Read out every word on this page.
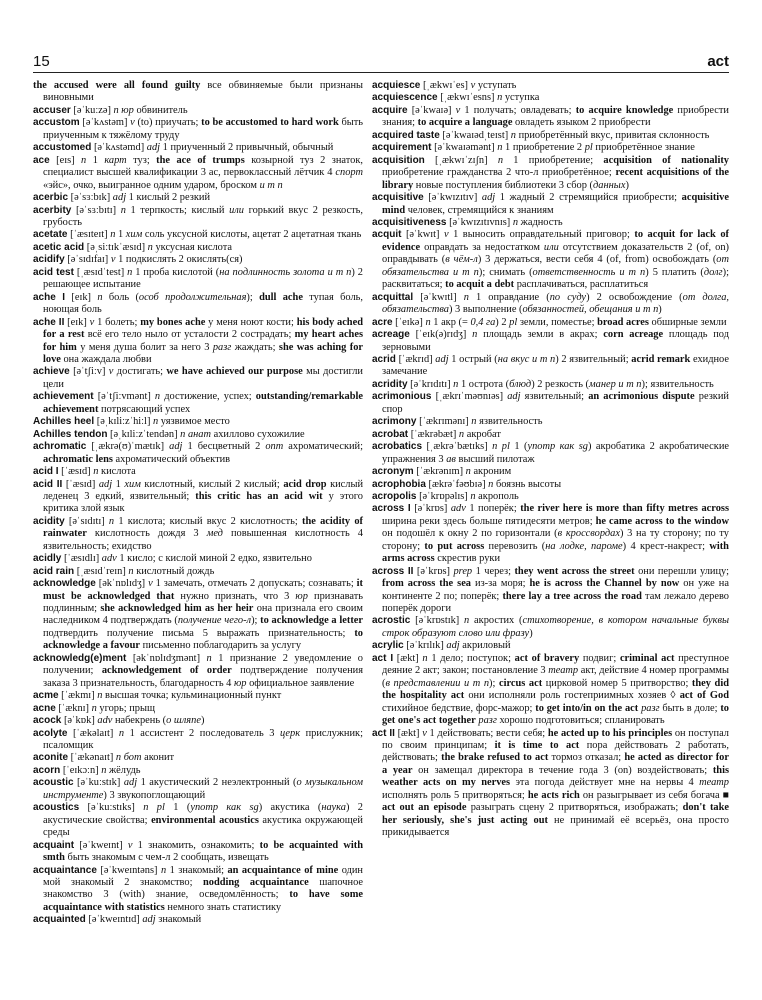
15	act

the accused were all found guilty все обвиняемые были признаны виновными

accuser [əˈkuːzə] n юр обвинитель

accustom [əˈkʌstəm] v (to) приучать; to be accustomed to hard work быть приученным к тяжёлому труду

accustomed [əˈkʌstəmd] adj 1 приученный 2 привычный, обычный

ace [eɪs] n 1 карт туз; the ace of trumps козырной туз 2 знаток, специалист высшей квалификации 3 ас, первоклассный лётчик 4 спорт «эйс», очко, выигранное одним ударом, броском и т п

acerbic [əˈsɜːbɪk] adj 1 кислый 2 резкий

acerbity [əˈsɜːbɪtɪ] n 1 терпкость; кислый или горький вкус 2 резкость, грубость

acetate [ˈæsɪteɪt] n 1 хим соль уксусной кислоты, ацетат 2 ацетатная ткань

acetic acid [əˌsiːtɪkˈæsɪd] n уксусная кислота

acidify [əˈsɪdɪfaɪ] v 1 подкислять 2 окислять(ся)

acid test [ˌæsɪdˈtest] n 1 проба кислотой (на подлинность золота и т п) 2 решающее испытание

ache I [eɪk] n боль (особ продолжительная); dull ache тупая боль, ноющая боль

ache II [eɪk] v 1 болеть; my bones ache у меня ноют кости; his body ached for a rest всё его тело ныло от усталости 2 сострадать; my heart aches for him у меня душа болит за него 3 разг жаждать; she was aching for love она жаждала любви

achieve [əˈtʃiːv] v достигать; we have achieved our purpose мы достигли цели

achievement [əˈtʃiːvmənt] n достижение, успех; outstanding/remarkable achievement потрясающий успех

Achilles heel [əˌkɪliːzˈhiːl] n уязвимое место

Achilles tendon [əˌkɪliːzˈtendən] n анат ахиллово сухожилие

achromatic [ˌækrə(ʊ)ˈmætɪk] adj 1 бесцветный 2 опт ахроматический; achromatic lens ахроматический объектив

acid I [ˈæsɪd] n кислота

acid II [ˈæsɪd] adj 1 хим кислотный, кислый 2 кислый; acid drop кислый леденец 3 едкий, язвительный; this critic has an acid wit у этого критика злой язык

acidity [əˈsɪdɪtɪ] n 1 кислота; кислый вкус 2 кислотность; the acidity of rainwater кислотность дождя 3 мед повышенная кислотность 4 язвительность; ехидство

acidly [ˈæsɪdlɪ] adv 1 кисло; с кислой миной 2 едко, язвительно

acid rain [ˌæsɪdˈreɪn] n кислотный дождь

acknowledge [əkˈnɒlɪdʒ] v 1 замечать, отмечать 2 допускать; сознавать; it must be acknowledged that нужно признать, что 3 юр признавать подлинным; she acknowledged him as her heir она признала его своим наследником 4 подтверждать (получение чего-л); to acknowledge a letter подтвердить получение письма 5 выражать признательность; to acknowledge a favour письменно поблагодарить за услугу

acknowledg(e)ment [əkˈnɒlɪdʒmənt] n 1 признание 2 уведомление о получении; acknowledgement of order подтверждение получения заказа 3 признательность, благодарность 4 юр официальное заявление

acme [ˈækmɪ] n высшая точка; кульминационный пункт

acne [ˈæknɪ] n угорь; прыщ

acock [əˈkɒk] adv набекрень (о шляпе)

acolyte [ˈækəlaɪt] n 1 ассистент 2 последователь 3 церк прислужник; псаломщик

aconite [ˈækənaɪt] n бот аконит

acorn [ˈeɪkɔːn] n жёлудь

acoustic [əˈkuːstɪk] adj 1 акустический 2 неэлектронный (о музыкальном инструменте) 3 звукопоглощающий

acoustics [əˈkuːstɪks] n pl 1 (употр как sg) акустика (наука) 2 акустические свойства; environmental acoustics акустика окружающей среды

acquaint [əˈkweɪnt] v 1 знакомить, ознакомить; to be acquainted with smth быть знакомым с чем-л 2 сообщать, извещать

acquaintance [əˈkweɪntəns] n 1 знакомый; an acquaintance of mine один мой знакомый 2 знакомство; nodding acquaintance шапочное знакомство 3 (with) знание, осведомлённость; to have some acquaintance with statistics немного знать статистику

acquainted [əˈkweɪntɪd] adj знакомый

acquiesce [ˌækwɪˈes] v уступать

acquiescence [ˌækwɪˈesns] n уступка

acquire [əˈkwaɪə] v 1 получать; овладевать; to acquire knowledge приобрести знания; to acquire a language овладеть языком 2 приобрести

acquired taste [əˈkwaɪədˌteɪst] n приобретённый вкус, привитая склонность

acquirement [əˈkwaɪəmənt] n 1 приобретение 2 pl приобретённое знание

acquisition [ˌækwɪˈzɪʃn] n 1 приобретение; acquisition of nationality приобретение гражданства 2 что-л приобретённое; recent acquisitions of the library новые поступления библиотеки 3 сбор (данных)

acquisitive [əˈkwɪzɪtɪv] adj 1 жадный 2 стремящийся приобрести; acquisitive mind человек, стремящийся к знаниям

acquisitiveness [əˈkwɪzɪtɪvnɪs] n жадность

acquit [əˈkwɪt] v 1 выносить оправдательный приговор; to acquit for lack of evidence оправдать за недостатком или отсутствием доказательств 2 (of, on) оправдывать (в чём-л) 3 держаться, вести себя 4 (of, from) освобождать (от обязательства и т п); снимать (ответственность и т п) 5 платить (долг); расквитаться; to acquit a debt расплачиваться, расплатиться

acquittal [əˈkwɪtl] n 1 оправдание (по суду) 2 освобождение (от долга, обязательства) 3 выполнение (обязанностей, обещания и т п)

acre [ˈeɪkə] n 1 акр (= 0,4 га) 2 pl земли, поместье; broad acres обширные земли

acreage [ˈeɪk(ə)rɪdʒ] n площадь земли в акрах; corn acreage площадь под зерновыми

acrid [ˈækrɪd] adj 1 острый (на вкус и т п) 2 язвительный; acrid remark ехидное замечание

acridity [əˈkrɪdɪtɪ] n 1 острота (блюд) 2 резкость (манер и т п); язвительность

acrimonious [ˌækrɪˈməʊnɪəs] adj язвительный; an acrimonious dispute резкий спор

acrimony [ˈækrɪmənɪ] n язвительность

acrobat [ˈækrəbæt] n акробат

acrobatics [ˌækrəˈbætɪks] n pl 1 (употр как sg) акробатика 2 акробатические упражнения 3 ав высший пилотаж

acronym [ˈækrənɪm] n акроним

acrophobia [ækrəˈfəʊbɪə] n боязнь высоты

acropolis [əˈkrɒpəlɪs] n акрополь

across I [əˈkrɒs] adv 1 поперёк; the river here is more than fifty metres across ширина реки здесь больше пятидесяти метров; he came across to the window он подошёл к окну 2 по горизонтали (в кроссвордах) 3 на ту сторону; по ту сторону; to put across перевозить (на лодке, пароме) 4 крест-накрест; with arms across скрестив руки

across II [əˈkrɒs] prep 1 через; they went across the street они перешли улицу; from across the sea из-за моря; he is across the Channel by now он уже на континенте 2 по; поперёк; there lay a tree across the road там лежало дерево поперёк дороги

acrostic [əˈkrɒstɪk] n акростих (стихотворение, в котором начальные буквы строк образуют слово или фразу)

acrylic [əˈkrɪlɪk] adj акриловый

act I [ækt] n 1 дело; поступок; act of bravery подвиг; criminal act преступное деяние 2 акт; закон; постановление 3 театр акт, действие 4 номер программы (в представлении и т п); circus act цирковой номер 5 притворство; they did the hospitality act они исполняли роль гостеприимных хозяев ◊ act of God стихийное бедствие, форс-мажор; to get into/in on the act разг быть в доле; to get one's act together разг хорошо подготовиться; спланировать

act II [ækt] v 1 действовать; вести себя; he acted up to his principles он поступал по своим принципам; it is time to act пора действовать 2 работать, действовать; the brake refused to act тормоз отказал; he acted as director for a year он замещал директора в течение года 3 (on) воздействовать; this weather acts on my nerves эта погода действует мне на нервы 4 театр исполнять роль 5 притворяться; he acts rich он разыгрывает из себя богача ■ act out an episode разыграть сцену 2 притворяться, изображать; don't take her seriously, she's just acting out не принимай её всерьёз, она просто прикидывается
